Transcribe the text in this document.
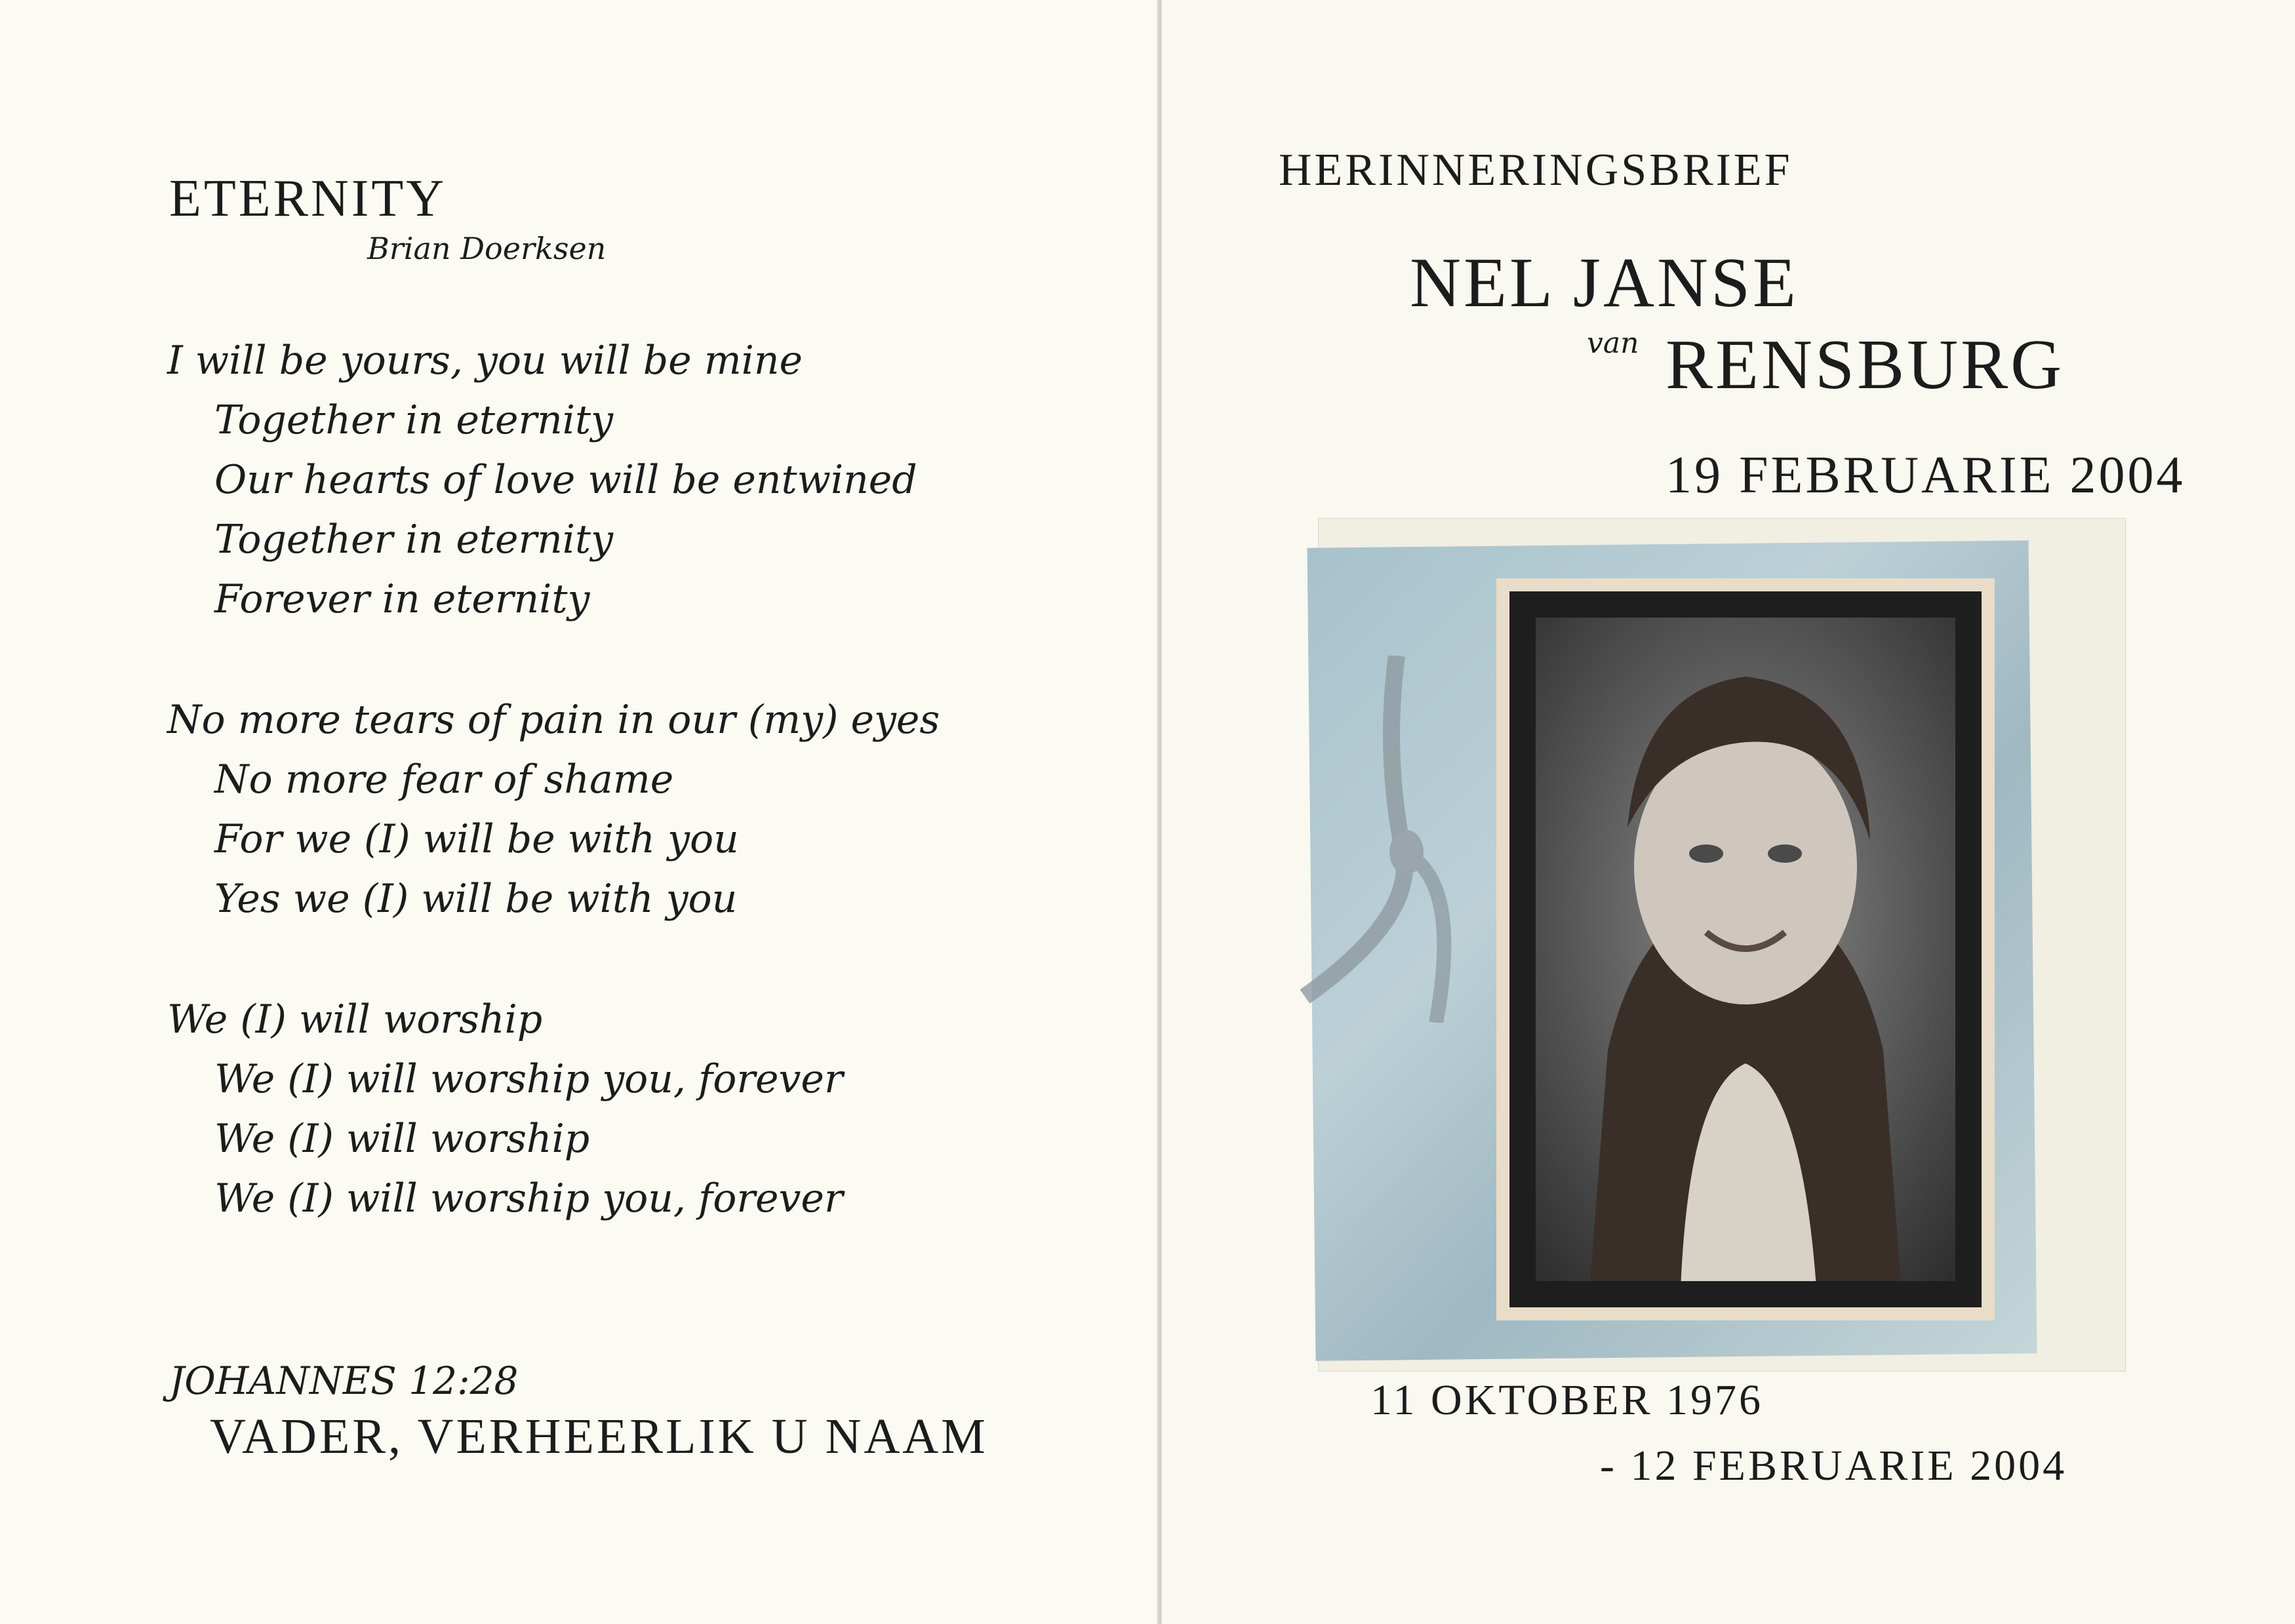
ETERNITY
Brian Doerksen
I will be yours, you will be mine
Together in eternity
Our hearts of love will be entwined
Together in eternity
Forever in eternity
No more tears of pain in our (my) eyes
No more fear of shame
For we (I) will be with you
Yes we (I) will be with you
We (I) will worship
We (I) will worship you, forever
We (I) will worship
We (I) will worship you, forever
JOHANNES 12:28
VADER, VERHEERLIK U NAAM
HERINNERINGSBRIEF
NEL JANSE
van RENSBURG
19 FEBRUARIE 2004
11 OKTOBER 1976
- 12 FEBRUARIE 2004
